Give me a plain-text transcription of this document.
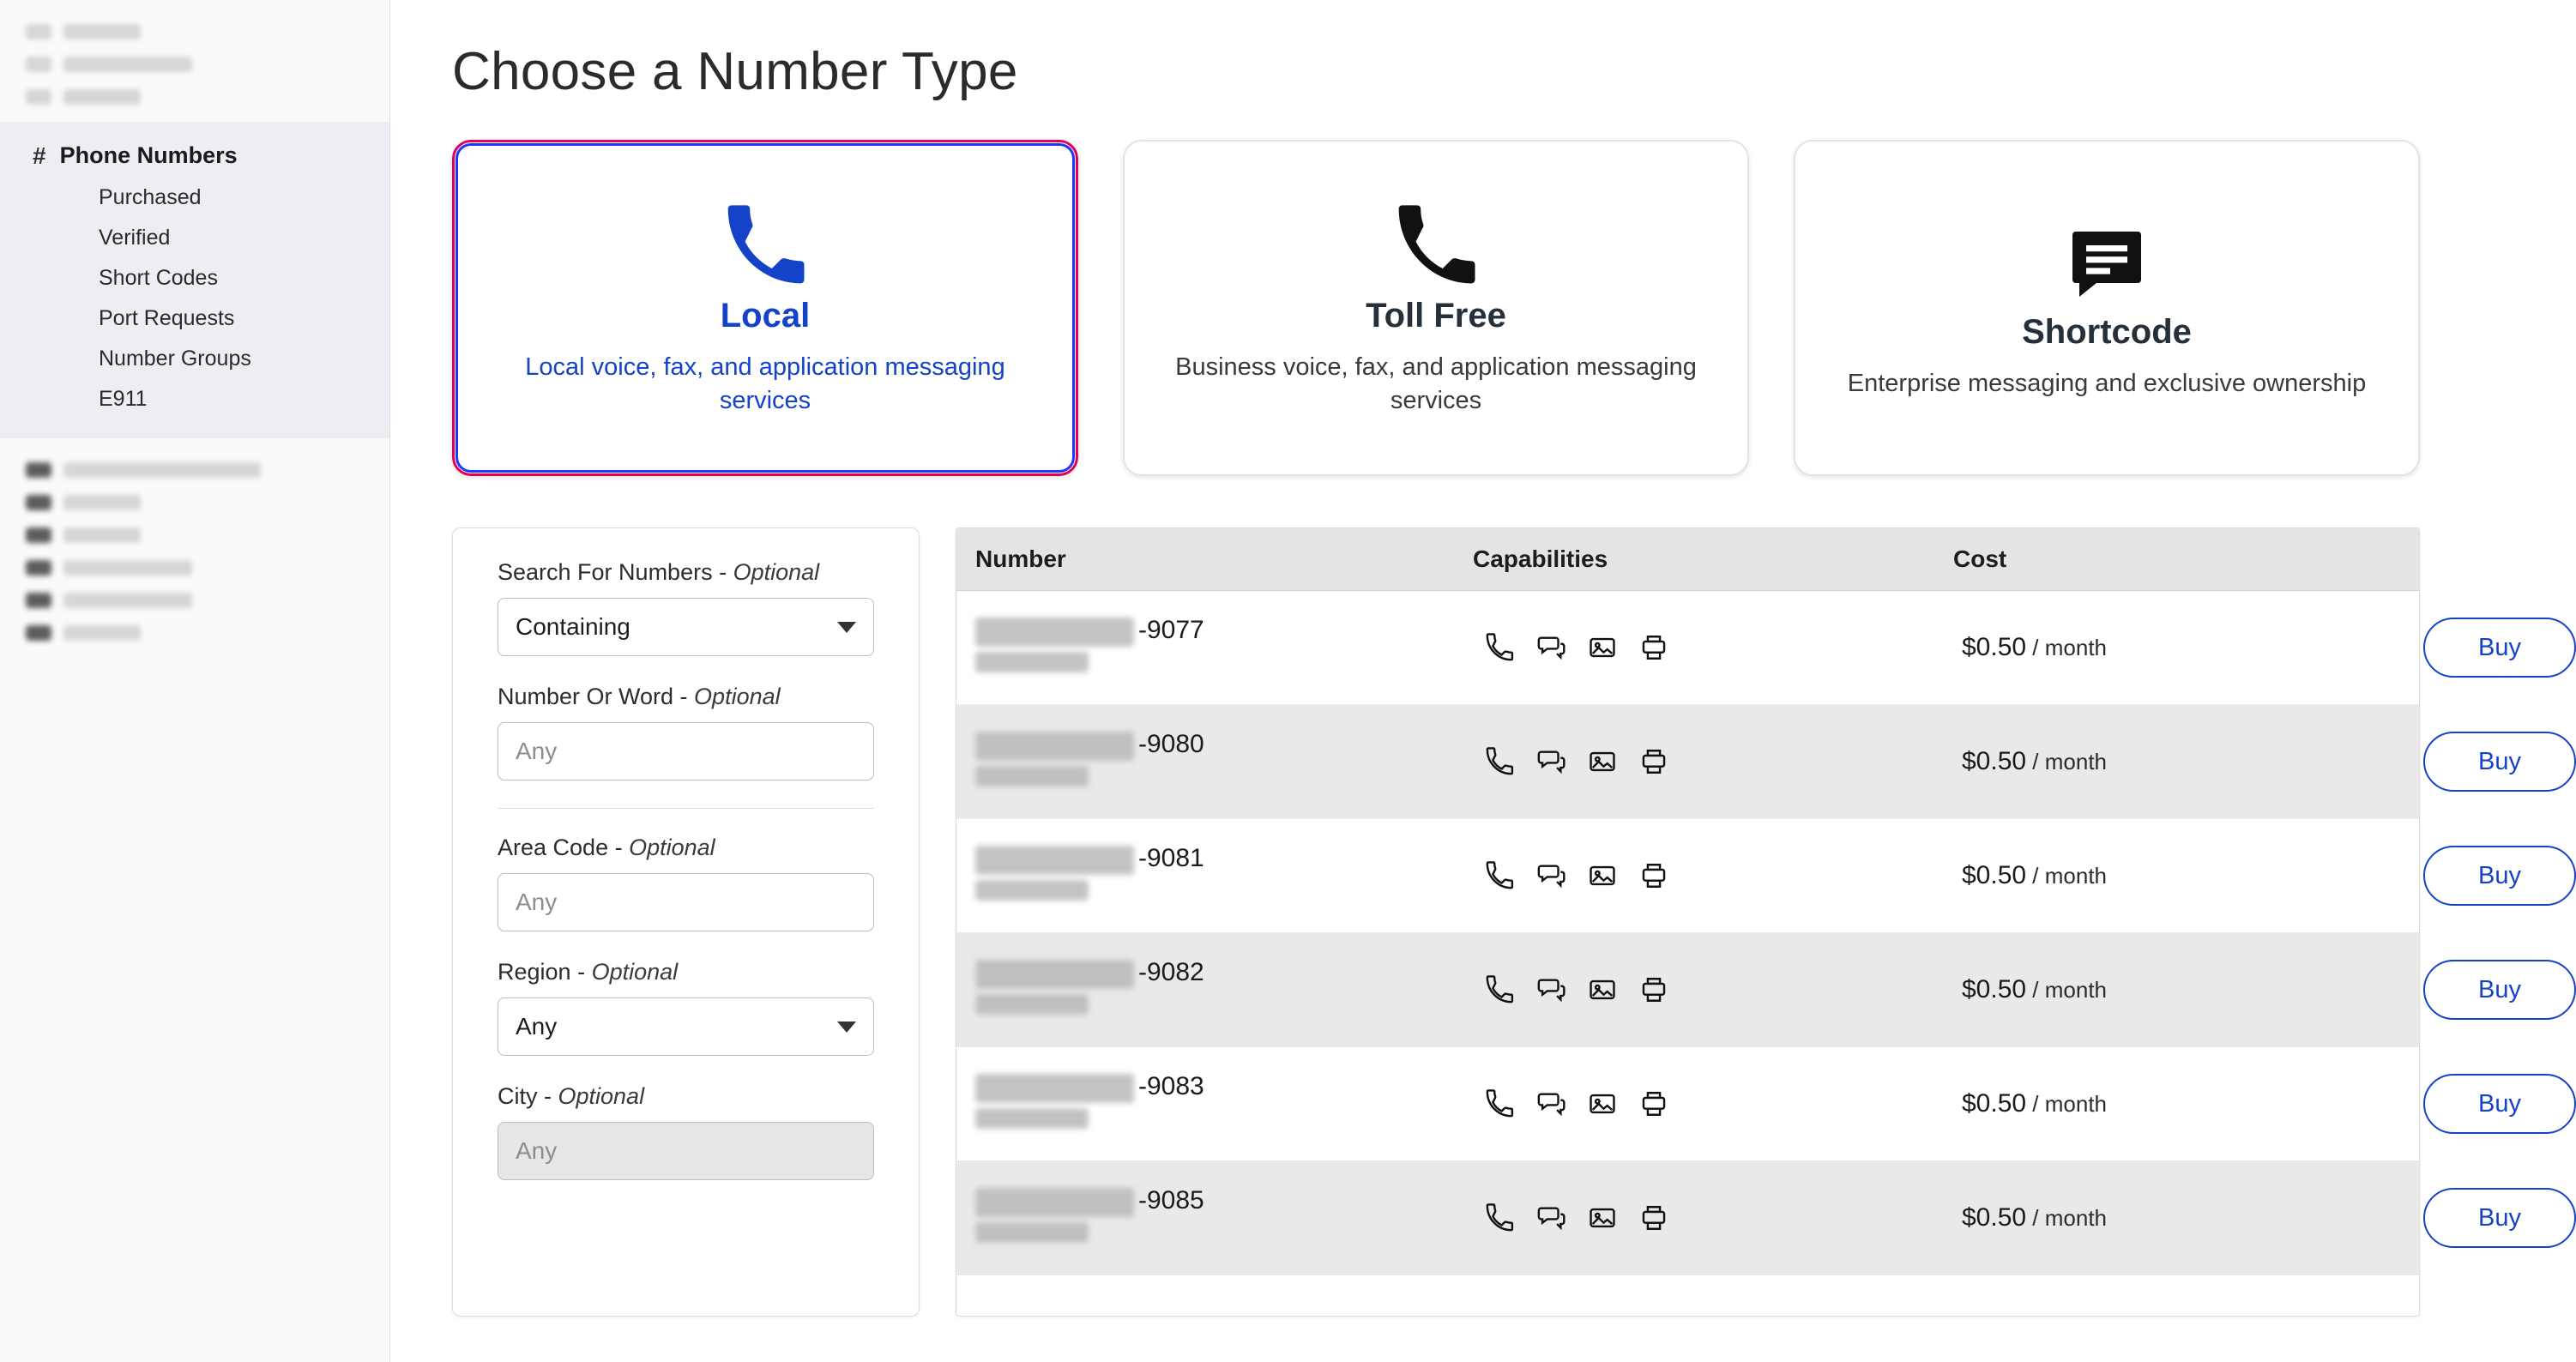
# Phone Numbers
Purchased
Verified
Short Codes
Port Requests
Number Groups
E911
Choose a Number Type
Local
Local voice, fax, and application messaging services
Toll Free
Business voice, fax, and application messaging services
Shortcode
Enterprise messaging and exclusive ownership
Search For Numbers - Optional
Containing
Number Or Word - Optional
Any
Area Code - Optional
Any
Region - Optional
Any
City - Optional
Any
Number	Capabilities	Cost	

-9077		$0.50 / month	Buy

-9080		$0.50 / month	Buy

-9081		$0.50 / month	Buy

-9082		$0.50 / month	Buy

-9083		$0.50 / month	Buy

-9085		$0.50 / month	Buy
